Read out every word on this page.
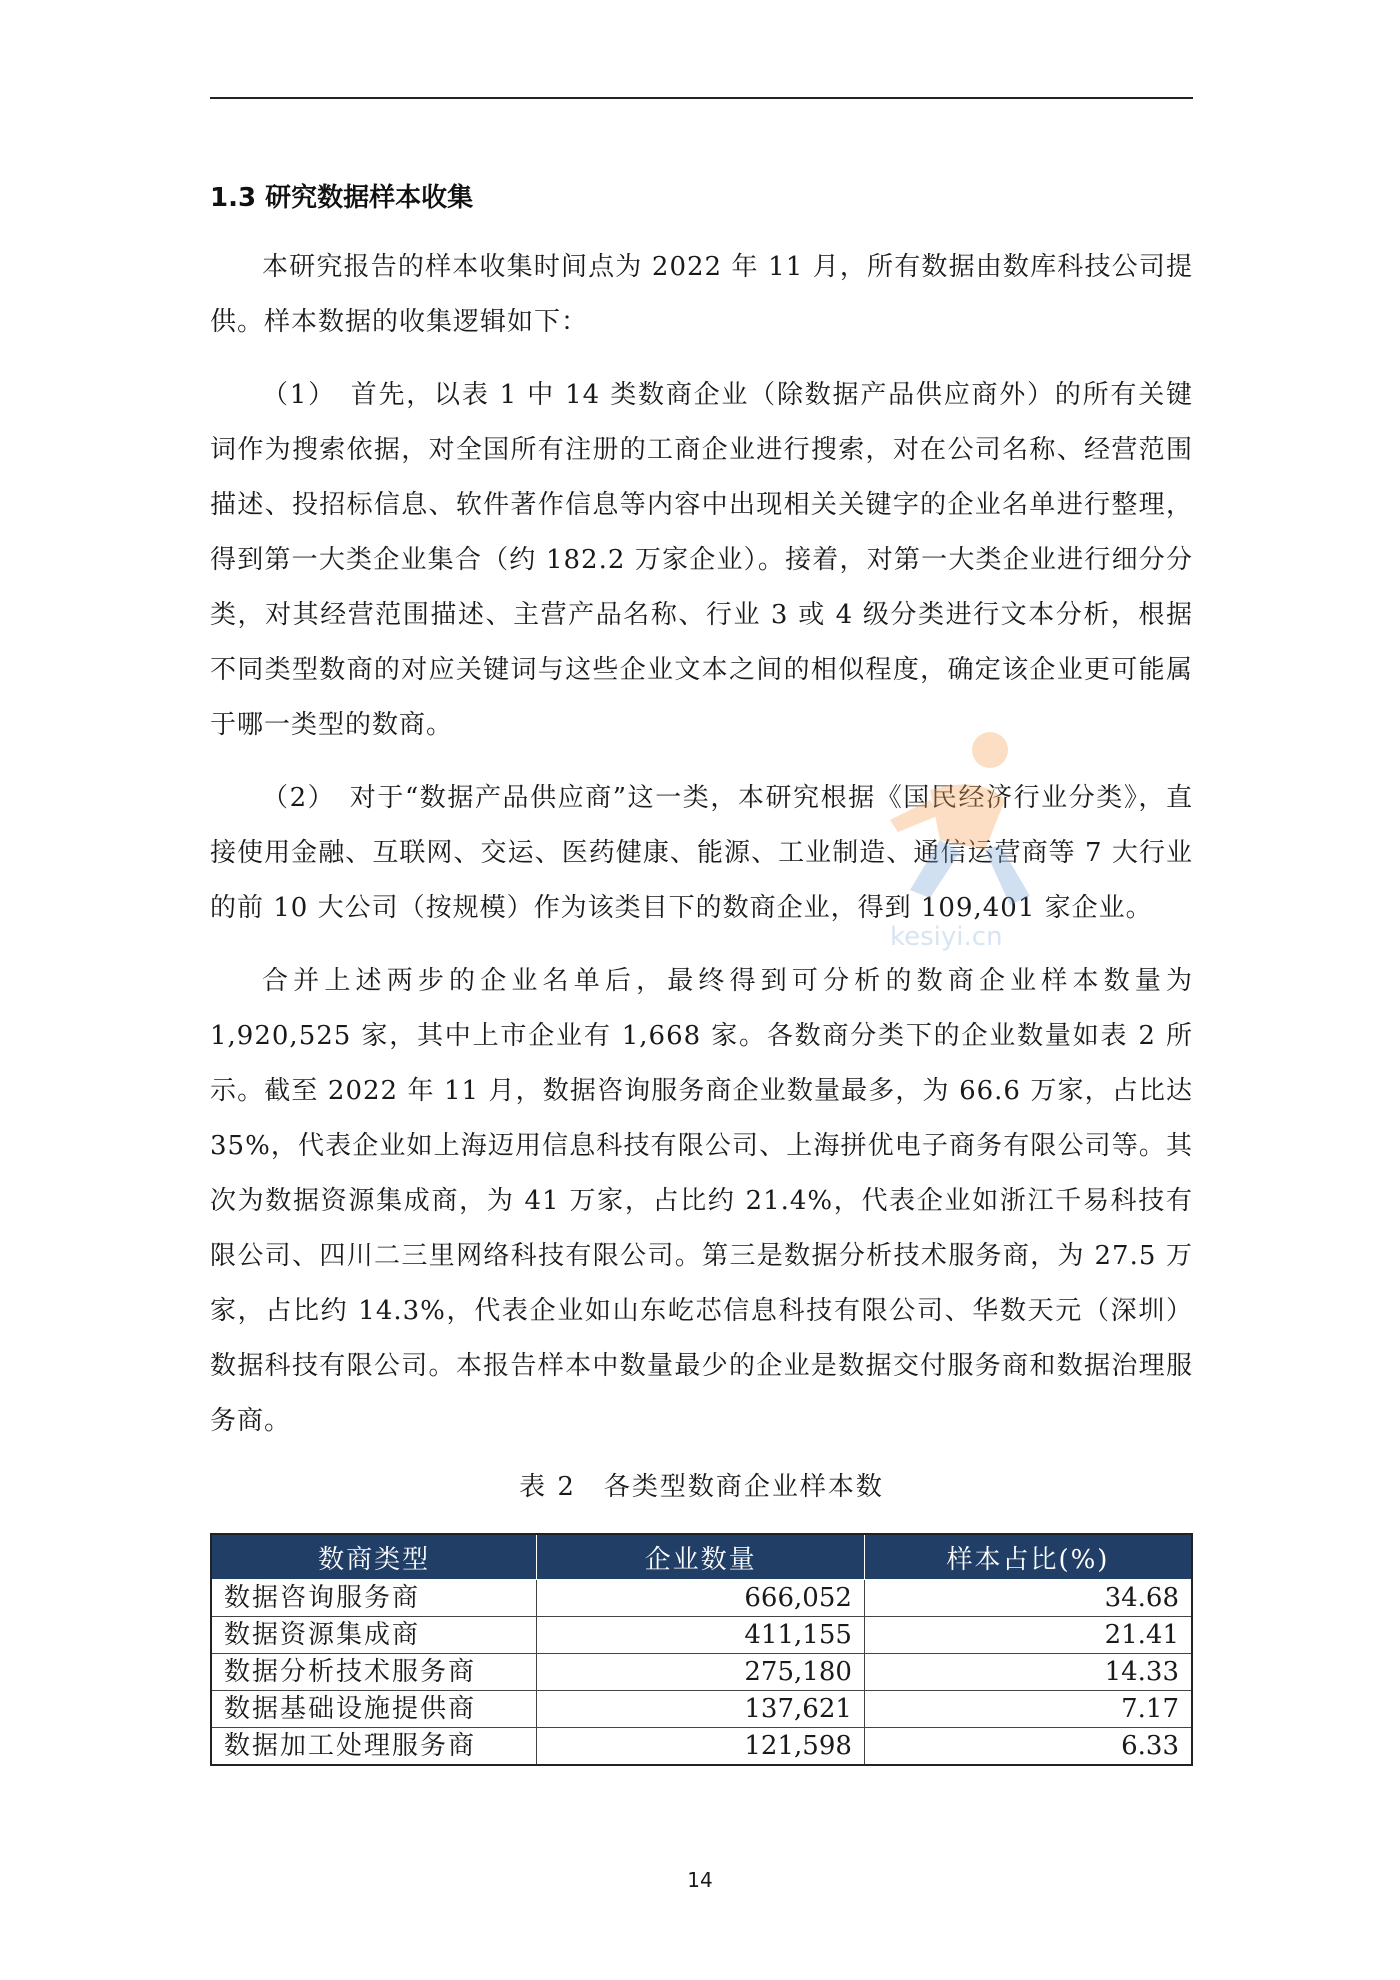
1.3 研究数据样本收集

本研究报告的样本收集时间点为 2022 年 11 月，所有数据由数库科技公司提供。样本数据的收集逻辑如下：

（1）　首先，以表 1 中 14 类数商企业（除数据产品供应商外）的所有关键词作为搜索依据，对全国所有注册的工商企业进行搜索，对在公司名称、经营范围描述、投招标信息、软件著作信息等内容中出现相关关键字的企业名单进行整理，得到第一大类企业集合（约 182.2 万家企业）。接着，对第一大类企业进行细分分类，对其经营范围描述、主营产品名称、行业 3 或 4 级分类进行文本分析，根据不同类型数商的对应关键词与这些企业文本之间的相似程度，确定该企业更可能属于哪一类型的数商。

（2）　对于“数据产品供应商”这一类，本研究根据《国民经济行业分类》，直接使用金融、互联网、交运、医药健康、能源、工业制造、通信运营商等 7 大行业的前 10 大公司（按规模）作为该类目下的数商企业，得到 109,401 家企业。

合并上述两步的企业名单后，最终得到可分析的数商企业样本数量为 1,920,525 家，其中上市企业有 1,668 家。各数商分类下的企业数量如表 2 所示。截至 2022 年 11 月，数据咨询服务商企业数量最多，为 66.6 万家，占比达 35%，代表企业如上海迈用信息科技有限公司、上海拼优电子商务有限公司等。其次为数据资源集成商，为 41 万家，占比约 21.4%，代表企业如浙江千易科技有限公司、四川二三里网络科技有限公司。第三是数据分析技术服务商，为 27.5 万家，占比约 14.3%，代表企业如山东屹芯信息科技有限公司、华数天元（深圳）数据科技有限公司。本报告样本中数量最少的企业是数据交付服务商和数据治理服务商。

表 2　各类型数商企业样本数
数商类型	企业数量	样本占比(%)
数据咨询服务商	666,052	34.68
数据资源集成商	411,155	21.41
数据分析技术服务商	275,180	14.33
数据基础设施提供商	137,621	7.17
数据加工处理服务商	121,598	6.33
kesiyi.cn
14
